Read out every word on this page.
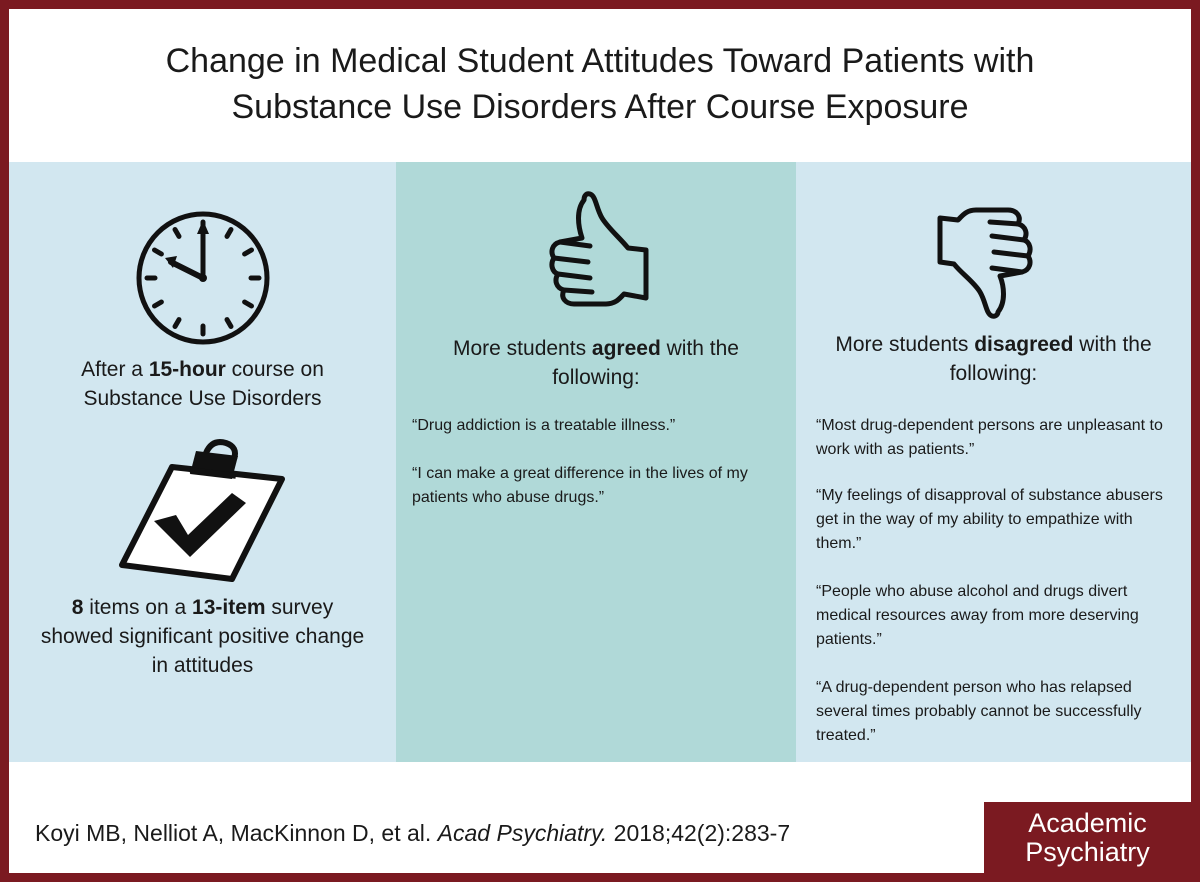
Change in Medical Student Attitudes Toward Patients with
Substance Use Disorders After Course Exposure
After a 15-hour course on
Substance Use Disorders
8 items on a 13-item survey
showed significant positive change
in attitudes
More students agreed with the
following:
“Drug addiction is a treatable illness.”
“I can make a great difference in the lives of my patients who abuse drugs.”
More students disagreed with the
following:
“Most drug-dependent persons are unpleasant to work with as patients.”
“My feelings of disapproval of substance abusers get in the way of my ability to empathize with them.”
“People who abuse alcohol and drugs divert medical resources away from more deserving patients.”
“A drug-dependent person who has relapsed several times probably cannot be successfully treated.”
Koyi MB, Nelliot A, MacKinnon D, et al. Acad Psychiatry. 2018;42(2):283-7	Academic
Psychiatry
